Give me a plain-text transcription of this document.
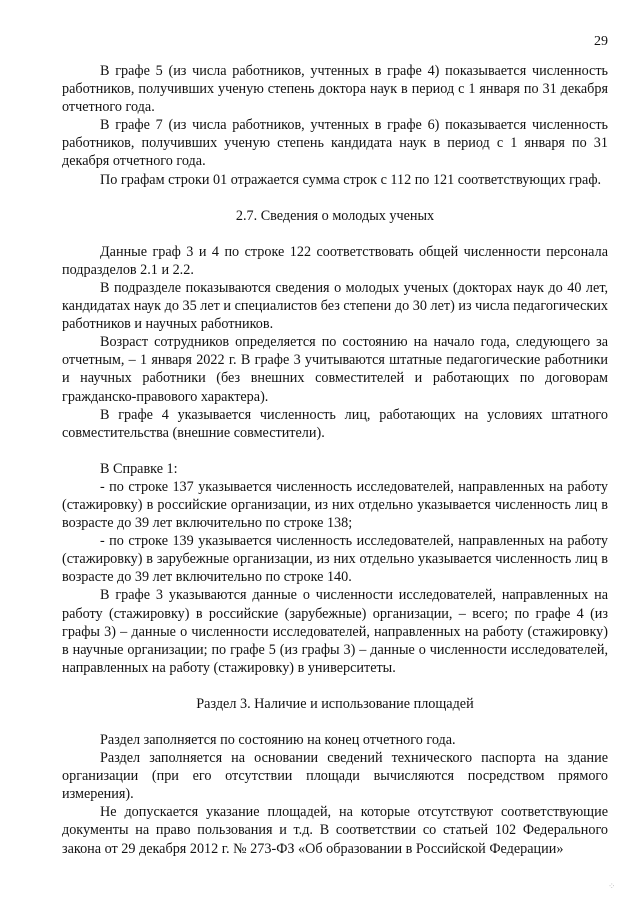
29

В графе 5 (из числа работников, учтенных в графе 4) показывается численность работников, получивших ученую степень доктора наук в период с 1 января по 31 декабря отчетного года.

В графе 7 (из числа работников, учтенных в графе 6) показывается численность работников, получивших ученую степень кандидата наук в период с 1 января по 31 декабря отчетного года.

По графам строки 01 отражается сумма строк с 112 по 121 соответствующих граф.

2.7. Сведения о молодых ученых

Данные граф 3 и 4 по строке 122 соответствовать общей численности персонала подразделов 2.1 и 2.2.

В подразделе показываются сведения о молодых ученых (докторах наук до 40 лет, кандидатах наук до 35 лет и специалистов без степени до 30 лет) из числа педагогических работников и научных работников.

Возраст сотрудников определяется по состоянию на начало года, следующего за отчетным, – 1 января 2022 г. В графе 3 учитываются штатные педагогические работники и научных работники (без внешних совместителей и работающих по договорам гражданско-правового характера).

В графе 4 указывается численность лиц, работающих на условиях штатного совместительства (внешние совместители).

В Справке 1:

- по строке 137 указывается численность исследователей, направленных на работу (стажировку) в российские организации, из них отдельно указывается численность лиц в возрасте до 39 лет включительно по строке 138;

- по строке 139 указывается численность исследователей, направленных на работу (стажировку) в зарубежные организации, из них отдельно указывается численность лиц в возрасте до 39 лет включительно по строке 140.

В графе 3 указываются данные о численности исследователей, направленных на работу (стажировку) в российские (зарубежные) организации, – всего; по графе 4 (из графы 3) – данные о численности исследователей, направленных на работу (стажировку) в научные организации; по графе 5 (из графы 3) – данные о численности исследователей, направленных на работу (стажировку) в университеты.

Раздел 3. Наличие и использование площадей

Раздел заполняется по состоянию на конец отчетного года.

Раздел заполняется на основании сведений технического паспорта на здание организации (при его отсутствии площади вычисляются посредством прямого измерения).

Не допускается указание площадей, на которые отсутствуют соответствующие документы на право пользования и т.д. В соответствии со статьей 102 Федерального закона от 29 декабря 2012 г. № 273-ФЗ «Об образовании в Российской Федерации»

⁘
